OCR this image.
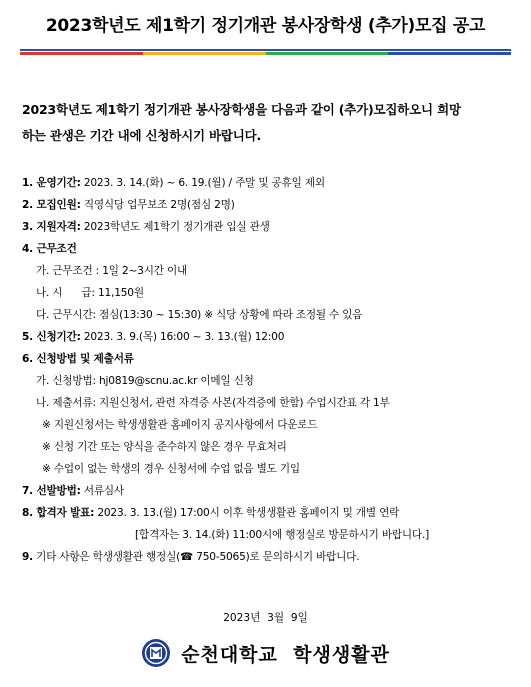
2023학년도 제1학기 정기개관 봉사장학생 (추가)모집 공고
2023학년도 제1학기 정기개관 봉사장학생을 다음과 같이 (추가)모집하오니 희망
하는 관생은 기간 내에 신청하시기 바랍니다.
1. 운영기간: 2023. 3. 14.(화) ~ 6. 19.(월) / 주말 및 공휴일 제외
2. 모집인원: 직영식당 업무보조 2명(점심 2명)
3. 지원자격: 2023학년도 제1학기 정기개관 입실 관생
4. 근무조건
가. 근무조건 : 1일 2~3시간 이내
나. 시      급: 11,150원
다. 근무시간: 점심(13:30 ~ 15:30) ※ 식당 상황에 따라 조정될 수 있음
5. 신청기간: 2023. 3. 9.(목) 16:00 ~ 3. 13.(월) 12:00
6. 신청방법 및 제출서류
가. 신청방법: hj0819@scnu.ac.kr 이메일 신청
나. 제출서류: 지원신청서, 관련 자격증 사본(자격증에 한함) 수업시간표 각 1부
※ 지원신청서는 학생생활관 홈페이지 공지사항에서 다운로드
※ 신청 기간 또는 양식을 준수하지 않은 경우 무효처리
※ 수업이 없는 학생의 경우 신청서에 수업 없음 별도 기입
7. 선발방법: 서류심사
8. 합격자 발표: 2023. 3. 13.(월) 17:00시 이후 학생생활관 홈페이지 및 개별 연락
[합격자는 3. 14.(화) 11:00시에 행정실로 방문하시기 바랍니다.]
9. 기타 사항은 학생생활관 행정실(☎ 750-5065)로 문의하시기 바랍니다.
2023년  3월  9일
순천대학교  학생생활관
